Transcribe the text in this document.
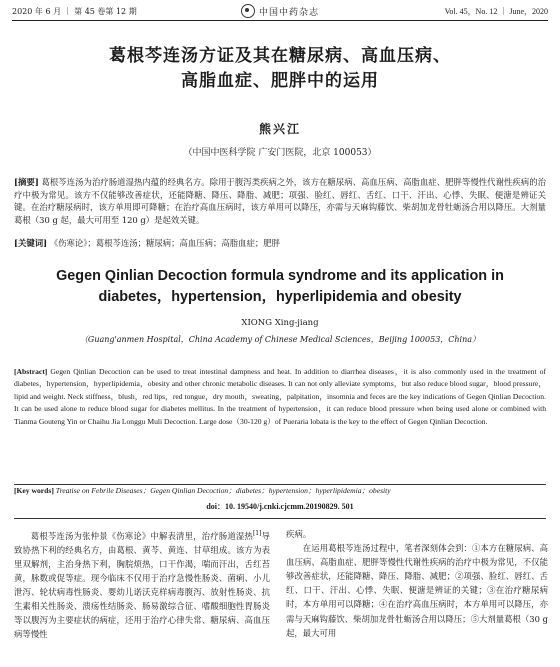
2020 年 6 月 ｜ 第 45 卷第 12 期	中国中药杂志	Vol. 45，No. 12 ｜ June，2020
葛根芩连汤方证及其在糖尿病、高血压病、
高脂血症、肥胖中的运用
熊兴江
（中国中医科学院 广安门医院，北京 100053）
[摘要] 葛根芩连汤为治疗肠道湿热内蕴的经典名方。除用于腹泻类疾病之外，该方在糖尿病、高血压病、高脂血症、肥胖等慢性代谢性疾病的治疗中极为常见。该方不仅能够改善症状，还能降糖、降压、降脂、减肥；项强、脸红、唇红、舌红、口干、汗出、心悸、失眠、便溏是辨证关键。在治疗糖尿病时，该方单用即可降糖；在治疗高血压病时，该方单用可以降压，亦需与天麻钩藤饮、柴胡加龙骨牡蛎汤合用以降压。大剂量葛根（30 g 起，最大可用至 120 g）是起效关键。
[关键词] 《伤寒论》；葛根芩连汤；糖尿病；高血压病；高脂血症；肥胖
Gegen Qinlian Decoction formula syndrome and its application in
diabetes，hypertension，hyperlipidemia and obesity
XIONG Xing-jiang
（Guang'anmen Hospital，China Academy of Chinese Medical Sciences，Beijing 100053，China）
[Abstract] Gegen Qinlian Decoction can be used to treat intestinal dampness and heat. In addition to diarrhea diseases，it is also commonly used in the treatment of diabetes，hypertension，hyperlipidemia，obesity and other chronic metabolic diseases. It can not only alleviate symptoms，but also reduce blood sugar，blood pressure，lipid and weight. Neck stiffness，blush，red lips，red tongue，dry mouth，sweating，palpitation，insomnia and feces are the key indications of Gegen Qinlian Decoction. It can be used alone to reduce blood sugar for diabetes mellitus. In the treatment of hypertension，it can reduce blood pressure when being used alone or combined with Tianma Gouteng Yin or Chaihu Jia Longgu Muli Decoction. Large dose（30-120 g）of Pueraria lobata is the key to the effect of Gegen Qinlian Decoction.
[Key words] Treatise on Febrile Diseases；Gegen Qinlian Decoction；diabetes；hypertension；hyperlipidemia；obesity
doi：10. 19540/j.cnki.cjcmm.20190829. 501

葛根芩连汤为张仲景《伤寒论》中解表清里，治疗肠道湿热[1]导致协热下利的经典名方，由葛根、黄芩、黄连、甘草组成。该方为表里双解剂，主治身热下利，胸脘烦热，口干作渴，喘而汗出，舌红苔黄，脉数或促等症。现今临床不仅用于治疗急慢性肠炎、菌痢、小儿泄泻、轮状病毒性肠炎、婴幼儿诺沃克样病毒腹泻、放射性肠炎、抗生素相关性肠炎、溃疡性结肠炎、肠易激综合征、嗜酸细胞性胃肠炎等以腹泻为主要症状的病症，还用于治疗心律失常、糖尿病、高血压病等慢性

疾病。

在运用葛根芩连汤过程中，笔者深刻体会到：①本方在糖尿病、高血压病、高脂血症、肥胖等慢性代谢性疾病的治疗中极为常见，不仅能够改善症状，还能降糖、降压、降脂、减肥；②项强、脸红、唇红、舌红、口干、汗出、心悸、失眠、便溏是辨证的关键；③在治疗糖尿病时，本方单用可以降糖；④在治疗高血压病时，本方单用可以降压，亦需与天麻钩藤饮、柴胡加龙骨牡蛎汤合用以降压；⑤大剂量葛根（30 g 起，最大可用
